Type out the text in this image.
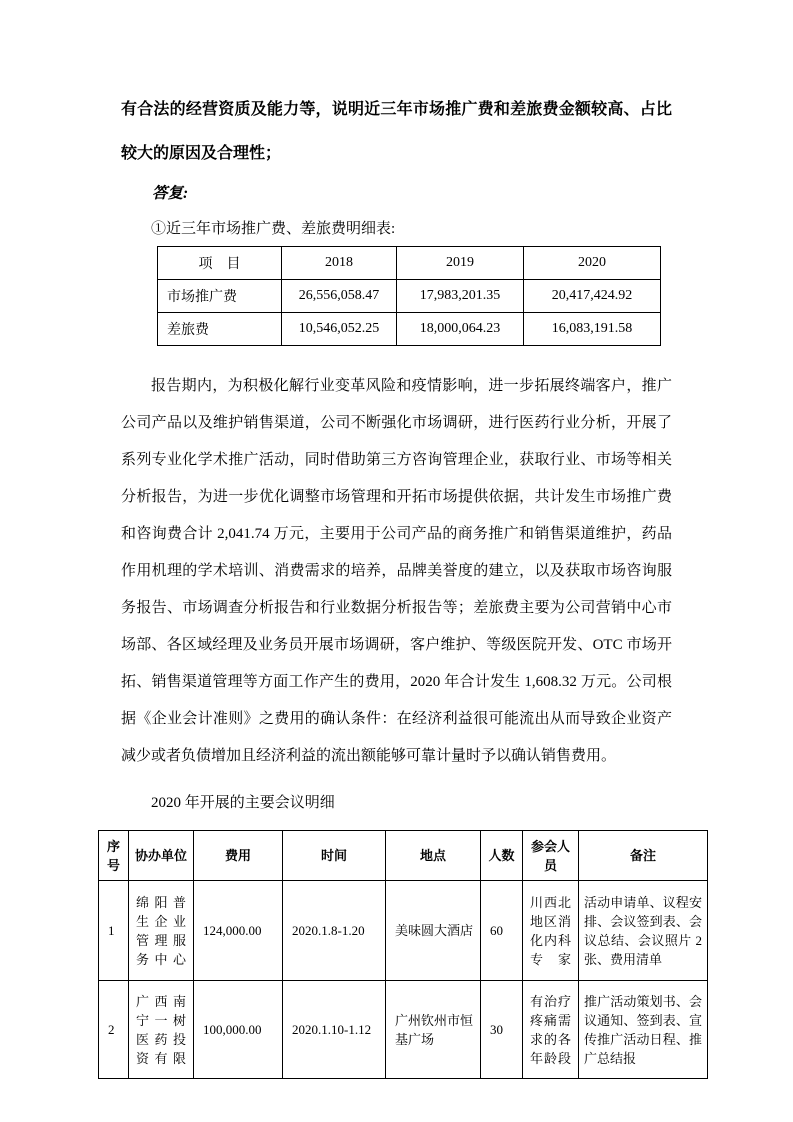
有合法的经营资质及能力等，说明近三年市场推广费和差旅费金额较高、占比较大的原因及合理性；

答复:

①近三年市场推广费、差旅费明细表:

项　目	2018	2019	2020
市场推广费	26,556,058.47	17,983,201.35	20,417,424.92
差旅费	10,546,052.25	18,000,064.23	16,083,191.58

报告期内，为积极化解行业变革风险和疫情影响，进一步拓展终端客户，推广公司产品以及维护销售渠道，公司不断强化市场调研，进行医药行业分析，开展了系列专业化学术推广活动，同时借助第三方咨询管理企业，获取行业、市场等相关分析报告，为进一步优化调整市场管理和开拓市场提供依据，共计发生市场推广费和咨询费合计 2,041.74 万元，主要用于公司产品的商务推广和销售渠道维护，药品作用机理的学术培训、消费需求的培养，品牌美誉度的建立，以及获取市场咨询服务报告、市场调查分析报告和行业数据分析报告等；差旅费主要为公司营销中心市场部、各区域经理及业务员开展市场调研，客户维护、等级医院开发、OTC 市场开拓、销售渠道管理等方面工作产生的费用，2020 年合计发生 1,608.32 万元。公司根据《企业会计准则》之费用的确认条件：在经济利益很可能流出从而导致企业资产减少或者负债增加且经济利益的流出额能够可靠计量时予以确认销售费用。

2020 年开展的主要会议明细

序号	协办单位	费用	时间	地点	人数	参会人员	备注
1	绵阳普生企业管理服务中心	124,000.00	2020.1.8-1.20	美味圆大酒店	60	川西北地区消化内科专家	活动申请单、议程安排、会议签到表、会议总结、会议照片 2 张、费用清单
2	广西南宁一树医药投资有限	100,000.00	2020.1.10-1.12	广州钦州市恒基广场	30	有治疗疼痛需求的各年龄段	推广活动策划书、会议通知、签到表、宣传推广活动日程、推广总结报
